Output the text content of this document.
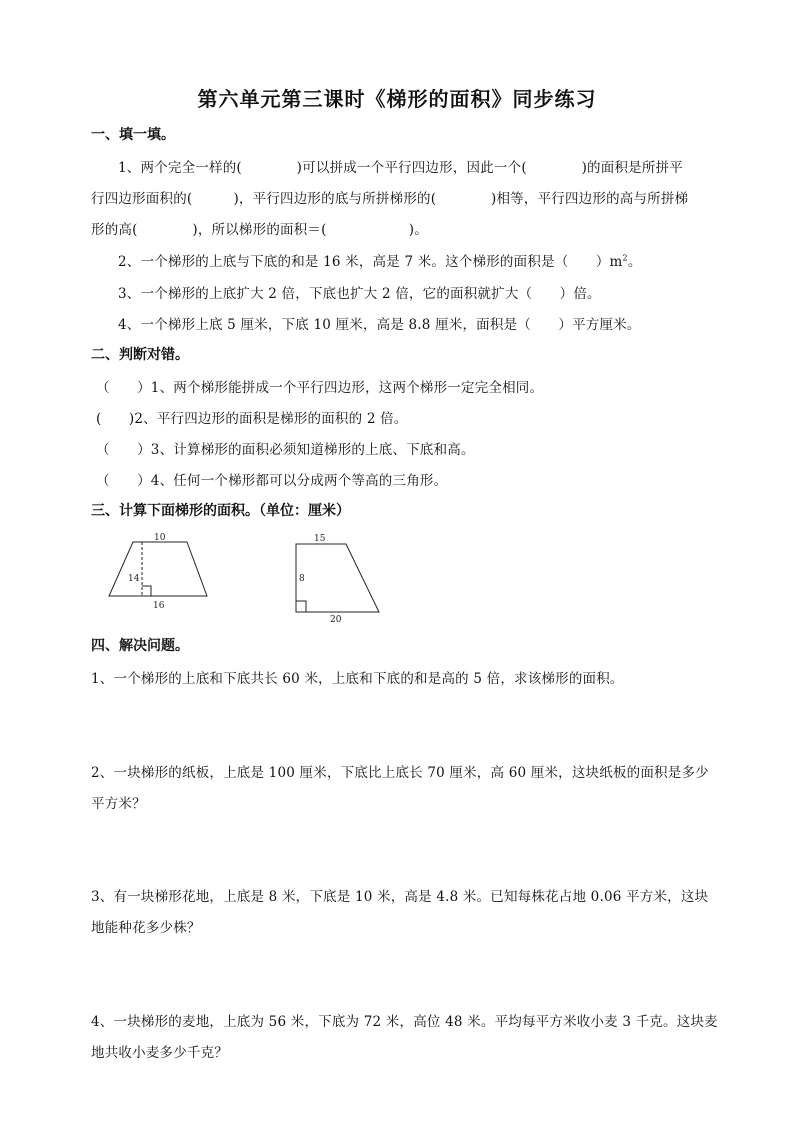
第六单元第三课时《梯形的面积》同步练习
一、填一填。
1、两个完全一样的(　　　　)可以拼成一个平行四边形，因此一个(　　　　)的面积是所拼平
行四边形面积的(　　　)，平行四边形的底与所拼梯形的(　　　　)相等，平行四边形的高与所拼梯
形的高(　　　　)，所以梯形的面积＝(　　　　　　)。
2、一个梯形的上底与下底的和是 16 米，高是 7 米。这个梯形的面积是（　　）$m^2$。
3、一个梯形的上底扩大 2 倍，下底也扩大 2 倍，它的面积就扩大（　　）倍。
4、一个梯形上底 5 厘米，下底 10 厘米，高是 8.8 厘米，面积是（　　）平方厘米。
二、判断对错。
（　　）1、两个梯形能拼成一个平行四边形，这两个梯形一定完全相同。
(　　)2、平行四边形的面积是梯形的面积的 2 倍。
（　　）3、计算梯形的面积必须知道梯形的上底、下底和高。
（　　）4、任何一个梯形都可以分成两个等高的三角形。
三、计算下面梯形的面积。（单位：厘米）
10
14
16
15
8
20
四、解决问题。
1、一个梯形的上底和下底共长 60 米，上底和下底的和是高的 5 倍，求该梯形的面积。
2、一块梯形的纸板，上底是 100 厘米，下底比上底长 70 厘米，高 60 厘米，这块纸板的面积是多少
平方米？
3、有一块梯形花地，上底是 8 米，下底是 10 米，高是 4.8 米。已知每株花占地 0.06 平方米，这块
地能种花多少株？
4、一块梯形的麦地，上底为 56 米，下底为 72 米，高位 48 米。平均每平方米收小麦 3 千克。这块麦
地共收小麦多少千克？
